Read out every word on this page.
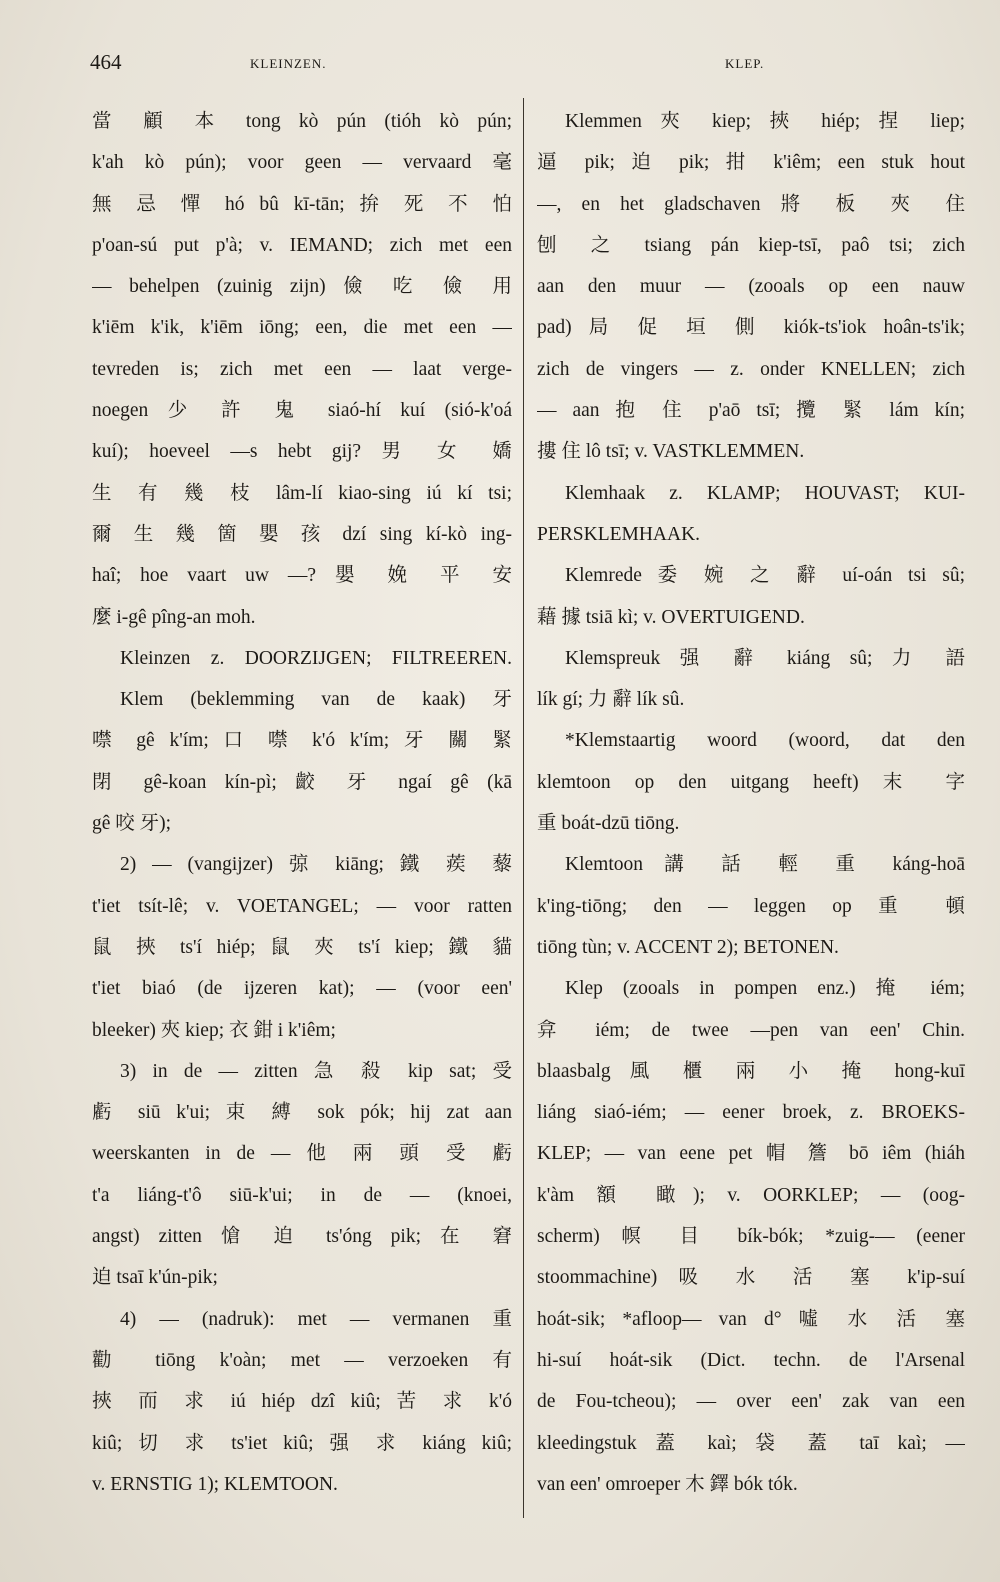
464	KLEINZEN.	KLEP.
當 顧 本 tong kò pún (tióh kò pún;
k'ah kò pún); voor geen — vervaard 毫
無 忌 憚 hó bû kī-tān; 拚 死 不 怕
p'oan-sú put p'à; v. IEMAND; zich met een
— behelpen (zuinig zijn) 儉 吃 儉 用
k'iēm k'ik, k'iēm iōng; een, die met een —
tevreden is; zich met een — laat verge-
noegen 少 許 鬼 siaó-hí kuí (sió-k'oá
kuí); hoeveel —s hebt gij? 男 女 嬌
生 有 幾 枝 lâm-lí kiao-sing iú kí tsi;
爾 生 幾 箇 嬰 孩 dzí sing kí-kò ing-
haî; hoe vaart uw —? 嬰 娩 平 安
麼 i-gê pîng-an moh.
Kleinzen z. DOORZIJGEN; FILTREEREN.
Klem (beklemming van de kaak) 牙
噤 gê k'ím; 口 噤 k'ó k'ím; 牙 關 緊
閉 gê-koan kín-pì; 齩 牙 ngaí gê (kā
gê 咬 牙);
2) — (vangijzer) 弶 kiāng; 鐵 蒺 藜
t'iet tsít-lê; v. VOETANGEL; — voor ratten
鼠 挾 ts'í hiép; 鼠 夾 ts'í kiep; 鐵 貓
t'iet biaó (de ijzeren kat); — (voor een'
bleeker) 夾 kiep; 衣 鉗 i k'iêm;
3) in de — zitten 急 殺 kip sat; 受
虧 siū k'ui; 束 縛 sok pók; hij zat aan
weerskanten in de — 他 兩 頭 受 虧
t'a liáng-t'ô siū-k'ui; in de — (knoei,
angst) zitten 愴 迫 ts'óng pik; 在 窘
迫 tsaī k'ún-pik;
4) — (nadruk): met — vermanen 重
勸 tiōng k'oàn; met — verzoeken 有
挾 而 求 iú hiép dzî kiû; 苦 求 k'ó
kiû; 切 求 ts'iet kiû; 强 求 kiáng kiû;
v. ERNSTIG 1); KLEMTOON.
Klemmen 夾 kiep; 挾 hiép; 捏 liep;
逼 pik; 迫 pik; 拑 k'iêm; een stuk hout
—, en het gladschaven 將 板 夾 住
刨 之 tsiang pán kiep-tsī, paô tsi; zich
aan den muur — (zooals op een nauw
pad) 局 促 垣 側 kiók-ts'iok hoân-ts'ik;
zich de vingers — z. onder KNELLEN; zich
— aan 抱 住 p'aō tsī; 攬 緊 lám kín;
摟 住 lô tsī; v. VASTKLEMMEN.
Klemhaak z. KLAMP; HOUVAST; KUI-
PERSKLEMHAAK.
Klemrede 委 婉 之 辭 uí-oán tsi sû;
藉 據 tsiā kì; v. OVERTUIGEND.
Klemspreuk 强 辭 kiáng sû; 力 語
lík gí; 力 辭 lík sû.
*Klemstaartig woord (woord, dat den
klemtoon op den uitgang heeft) 末 字
重 boát-dzū tiōng.
Klemtoon 講 話 輕 重 káng-hoā
k'ing-tiōng; den — leggen op 重 頓
tiōng tùn; v. ACCENT 2); BETONEN.
Klep (zooals in pompen enz.) 掩 iém;
弇 iém; de twee —pen van een' Chin.
blaasbalg 風 櫃 兩 小 掩 hong-kuī
liáng siaó-iém; — eener broek, z. BROEKS-
KLEP; — van eene pet 帽 簷 bō iêm (hiáh
k'àm 額 瞰); v. OORKLEP; — (oog-
scherm) 幎 目 bík-bók; *zuig-— (eener
stoommachine) 吸 水 活 塞 k'ip-suí
hoát-sik; *afloop— van d° 噓 水 活 塞
hi-suí hoát-sik (Dict. techn. de l'Arsenal
de Fou-tcheou); — over een' zak van een
kleedingstuk 蓋 kaì; 袋 蓋 taī kaì; —
van een' omroeper 木 鐸 bók tók.
